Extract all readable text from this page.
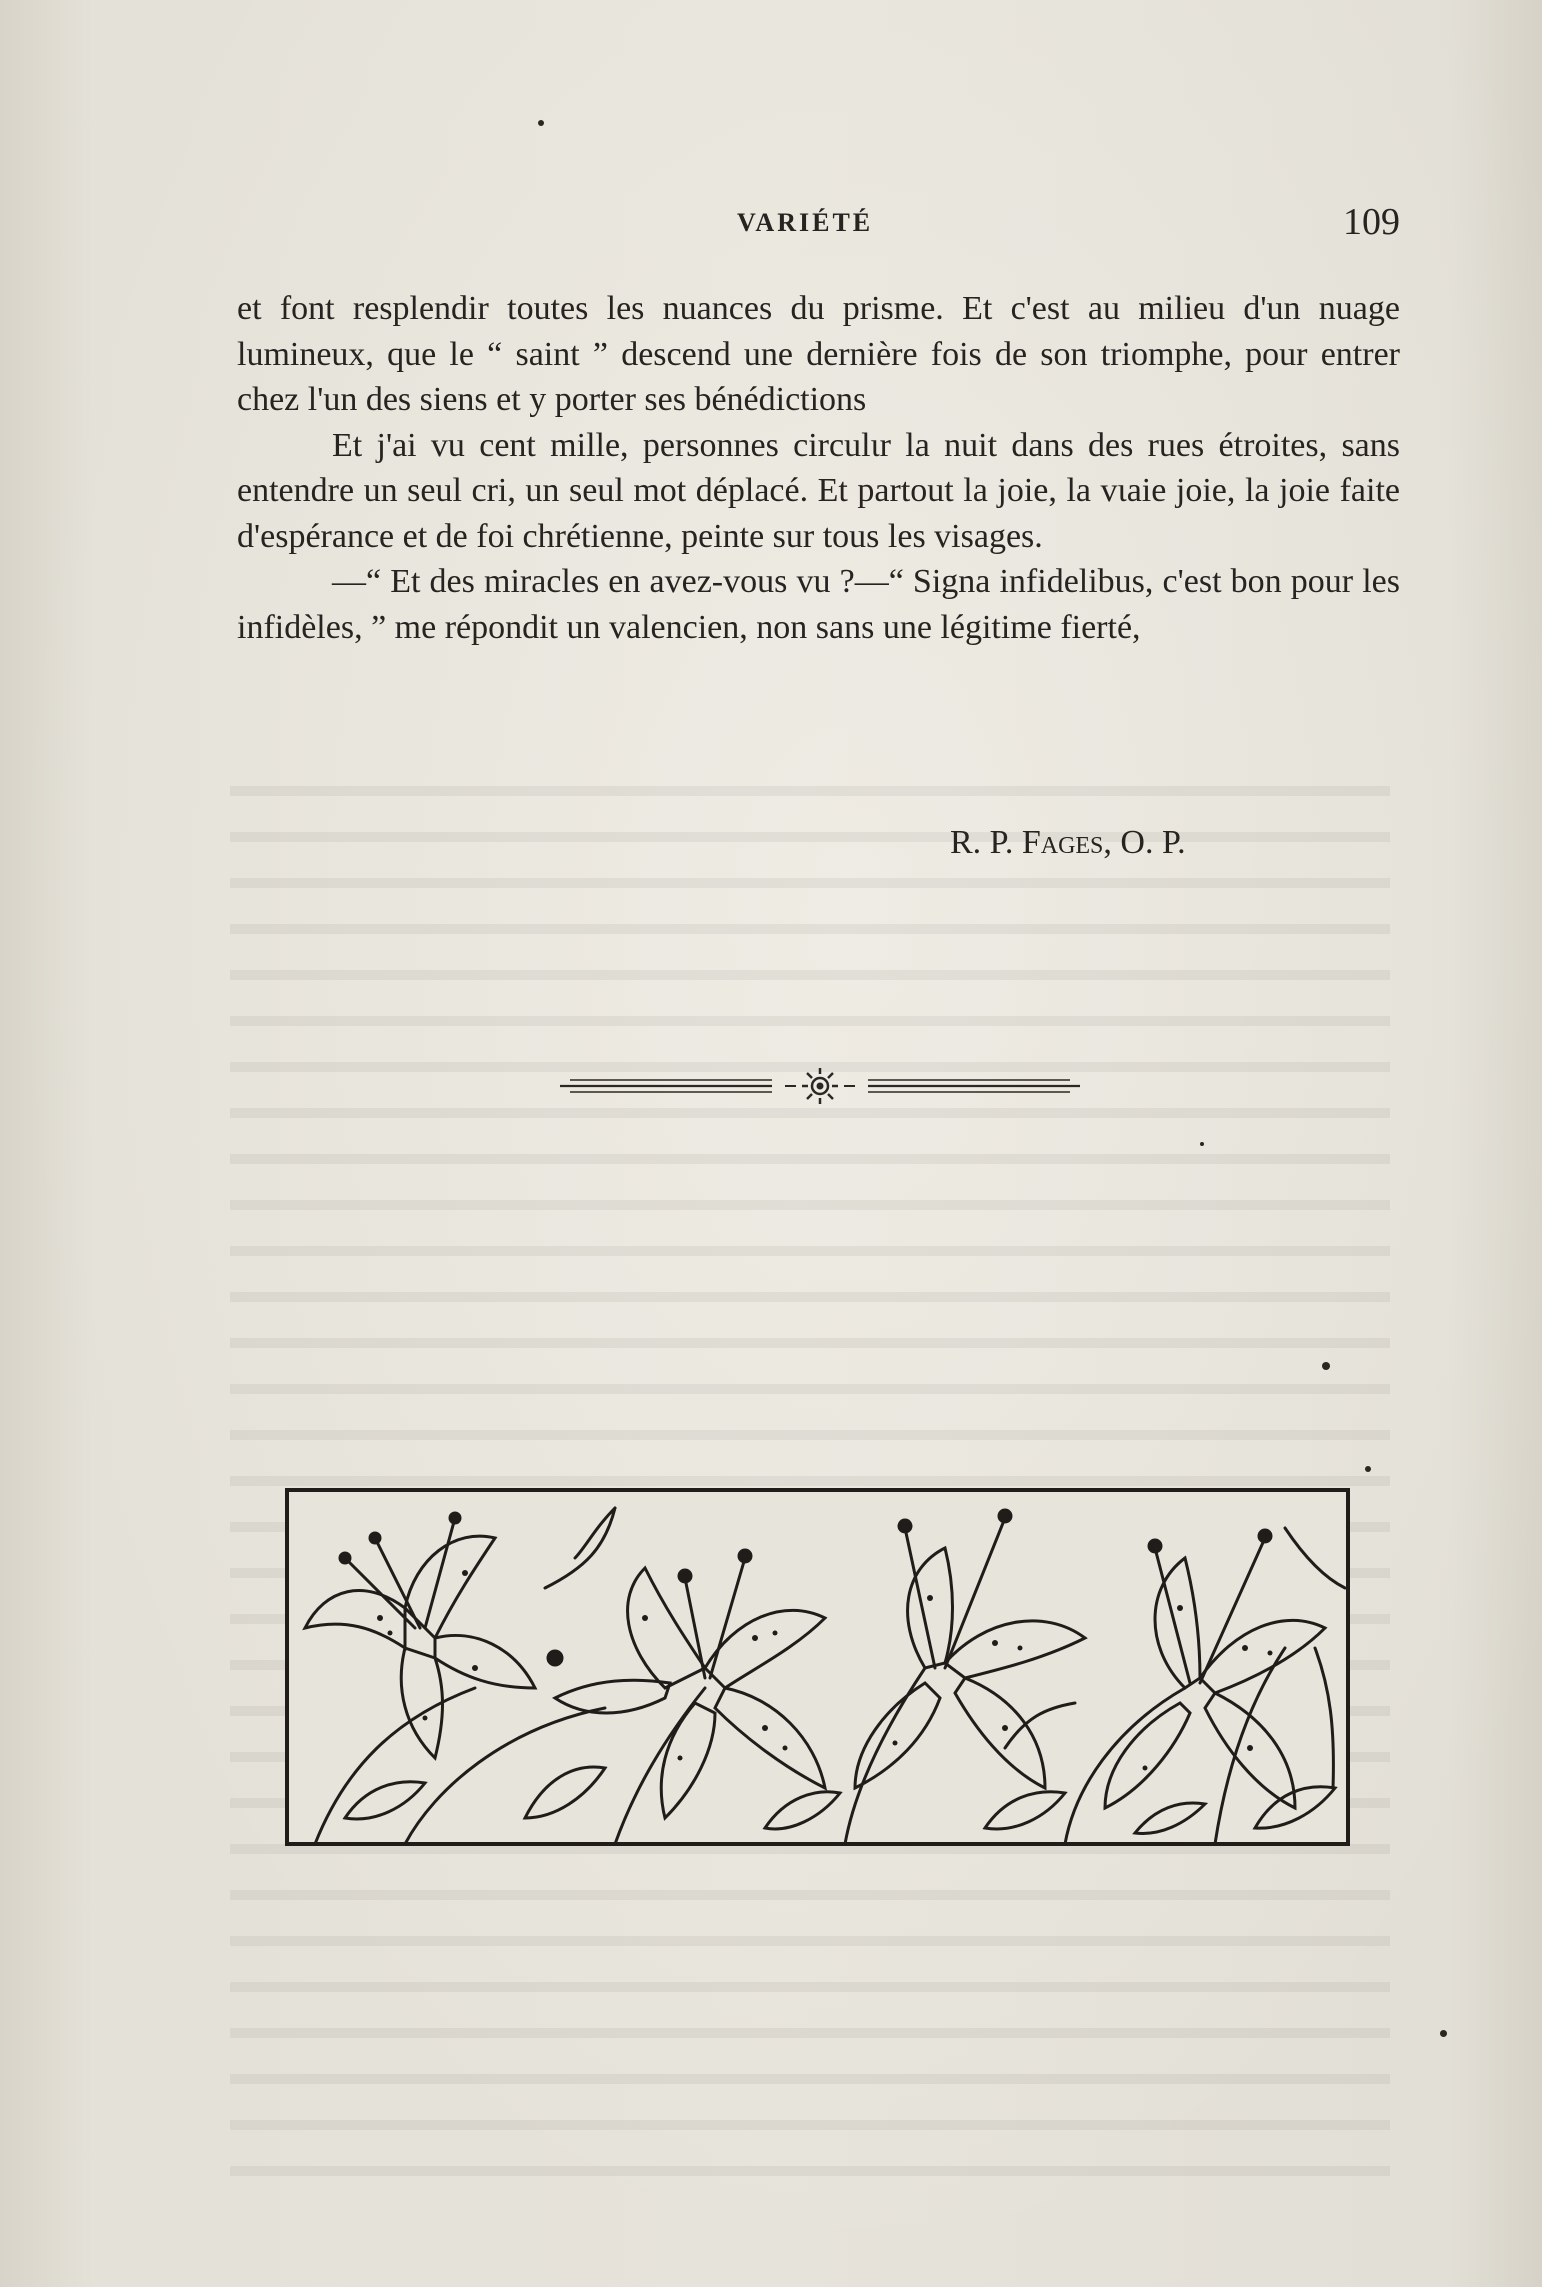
VARIÉTÉ	109

et font resplendir toutes les nuances du prisme. Et c'est au milieu d'un nuage lumineux, que le “ saint ” descend une dernière fois de son triomphe, pour entrer chez l'un des siens et y porter ses bénédictions

Et j'ai vu cent mille, personnes circulɩr la nuit dans des rues étroites, sans entendre un seul cri, un seul mot déplacé. Et partout la joie, la vɩaie joie, la joie faite d'espérance et de foi chrétienne, peinte sur tous les visages.

—“ Et des miracles en avez-vous vu ?—“ Signa infidelibus, c'est bon pour les infidèles, ” me répondit un valencien, non sans une légitime fierté,

R. P. Fages, O. P.
